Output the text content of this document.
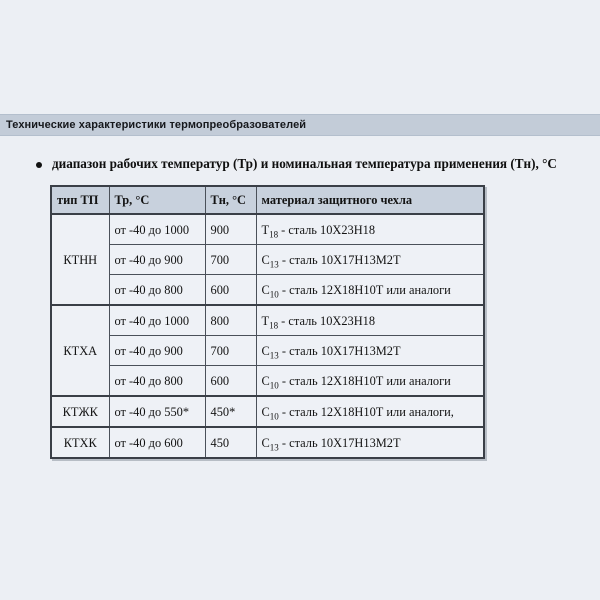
Технические характеристики термопреобразователей
диапазон рабочих температур (Тр) и номинальная температура применения (Тн), °С
тип ТП	Тр, °С	Тн, °С	материал защитного чехла
КТНН	от -40 до 1000	900	$Т_{18}$ - сталь 10Х23Н18
	от -40 до 900	700	$С_{13}$ - сталь 10Х17Н13М2Т
	от -40 до 800	600	$С_{10}$ - сталь 12Х18Н10Т или аналоги
КТХА	от -40 до 1000	800	$Т_{18}$ - сталь 10Х23Н18
	от -40 до 900	700	$С_{13}$ - сталь 10Х17Н13М2Т
	от -40 до 800	600	$С_{10}$ - сталь 12Х18Н10Т или аналоги
КТЖК	от -40 до 550*	450*	$С_{10}$ - сталь 12Х18Н10Т или аналоги,
КТХК	от -40 до 600	450	$С_{13}$ - сталь 10Х17Н13М2Т
